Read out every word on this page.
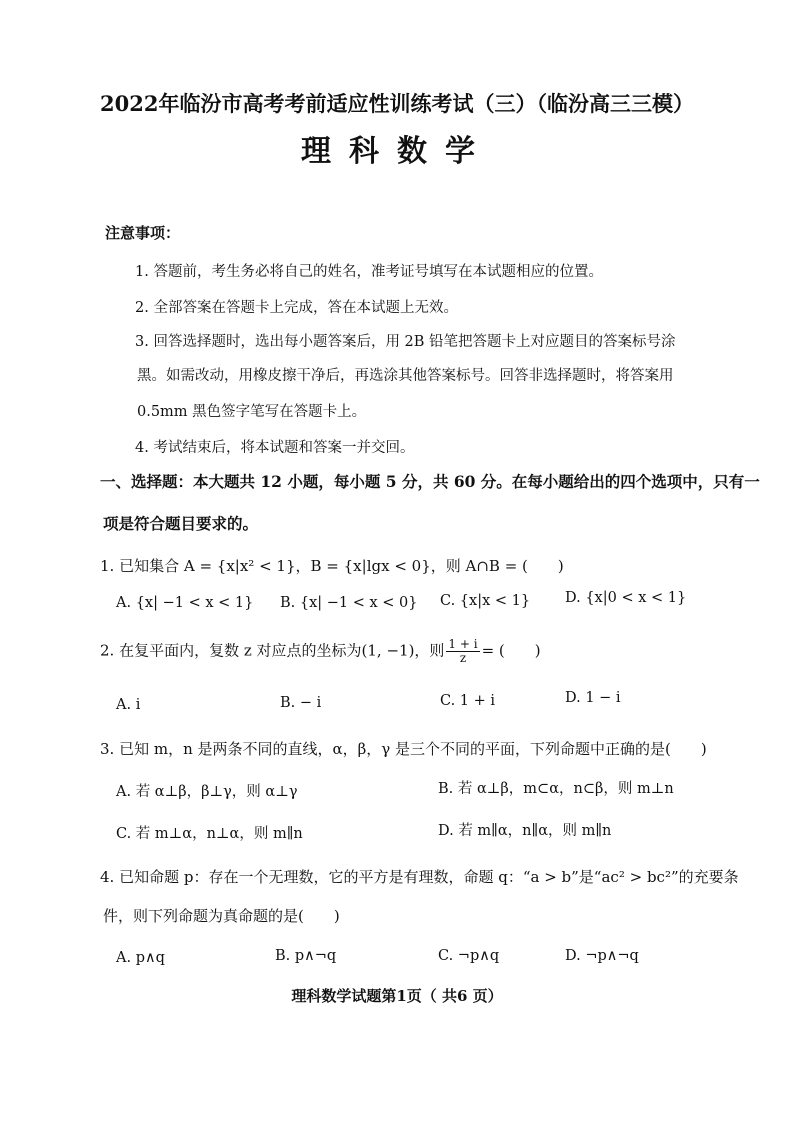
2022年临汾市高考考前适应性训练考试（三）（临汾高三三模）
理科数学
注意事项：
1. 答题前，考生务必将自己的姓名，准考证号填写在本试题相应的位置。
2. 全部答案在答题卡上完成，答在本试题上无效。
3. 回答选择题时，选出每小题答案后，用 2B 铅笔把答题卡上对应题目的答案标号涂
黑。如需改动，用橡皮擦干净后，再选涂其他答案标号。回答非选择题时，将答案用
0.5mm 黑色签字笔写在答题卡上。
4. 考试结束后，将本试题和答案一并交回。
一、选择题：本大题共 12 小题，每小题 5 分，共 60 分。在每小题给出的四个选项中，只有一
项是符合题目要求的。
1. 已知集合 A = {x|x² < 1}，B = {x|lgx < 0}，则 A∩B = (　　)
A. {x| −1 < x < 1} B. {x| −1 < x < 0} C. {x|x < 1} D. {x|0 < x < 1}
2. 在复平面内，复数 z 对应点的坐标为(1, −1)，则 $\frac{1 + i}{z}$ = (　　)
A. i	B. − i	C. 1 + i	D. 1 − i
3. 已知 m，n 是两条不同的直线，α，β，γ 是三个不同的平面，下列命题中正确的是(　　)
A. 若 α⊥β，β⊥γ，则 α⊥γ	B. 若 α⊥β，m⊂α，n⊂β，则 m⊥n
C. 若 m⊥α，n⊥α，则 m∥n	D. 若 m∥α，n∥α，则 m∥n
4. 已知命题 p：存在一个无理数，它的平方是有理数，命题 q：“a > b”是“ac² > bc²”的充要条
件，则下列命题为真命题的是(　　)
A. p∧q	B. p∧¬q	C. ¬p∧q	D. ¬p∧¬q
理科数学试题第1页（ 共6 页）
